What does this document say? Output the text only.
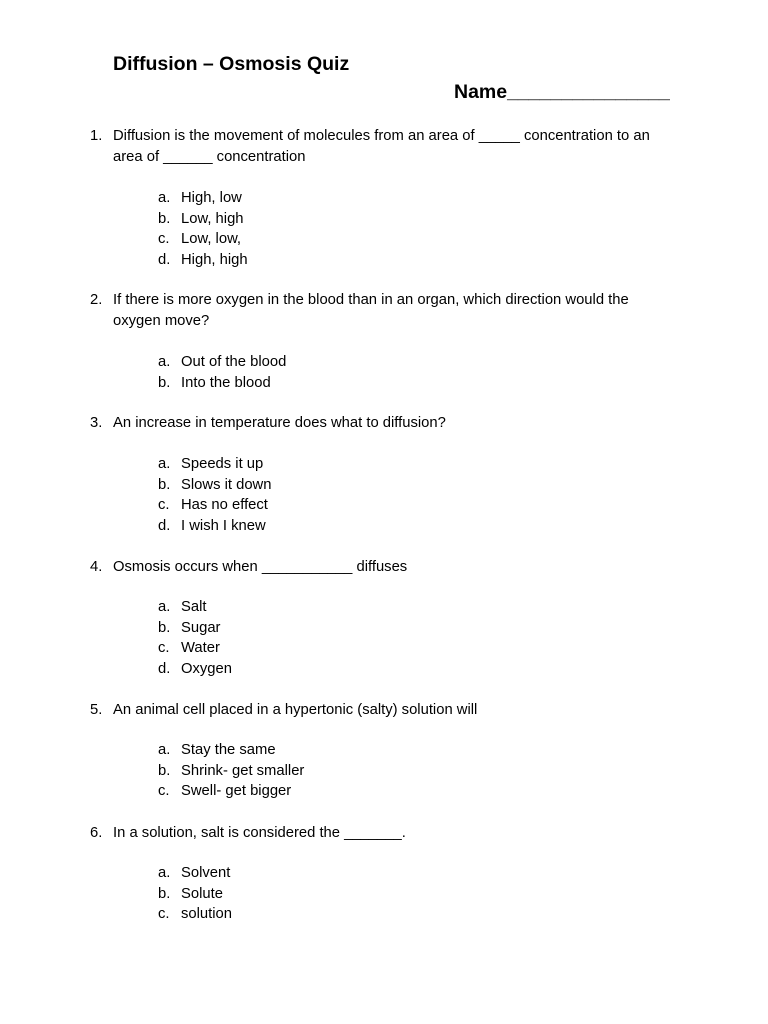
Diffusion – Osmosis Quiz
Name_______________
1. Diffusion is the movement of molecules from an area of _____ concentration to an area of ______ concentration
a. High, low
b. Low, high
c. Low, low,
d. High, high
2. If there is more oxygen in the blood than in an organ, which direction would the oxygen move?
a. Out of the blood
b. Into the blood
3. An increase in temperature does what to diffusion?
a. Speeds it up
b. Slows it down
c. Has no effect
d. I wish I knew
4. Osmosis occurs when ___________ diffuses
a. Salt
b. Sugar
c. Water
d. Oxygen
5. An animal cell placed in a hypertonic (salty) solution will
a. Stay the same
b. Shrink- get smaller
c. Swell- get bigger
6. In a solution, salt is considered the _______.
a. Solvent
b. Solute
c. solution
